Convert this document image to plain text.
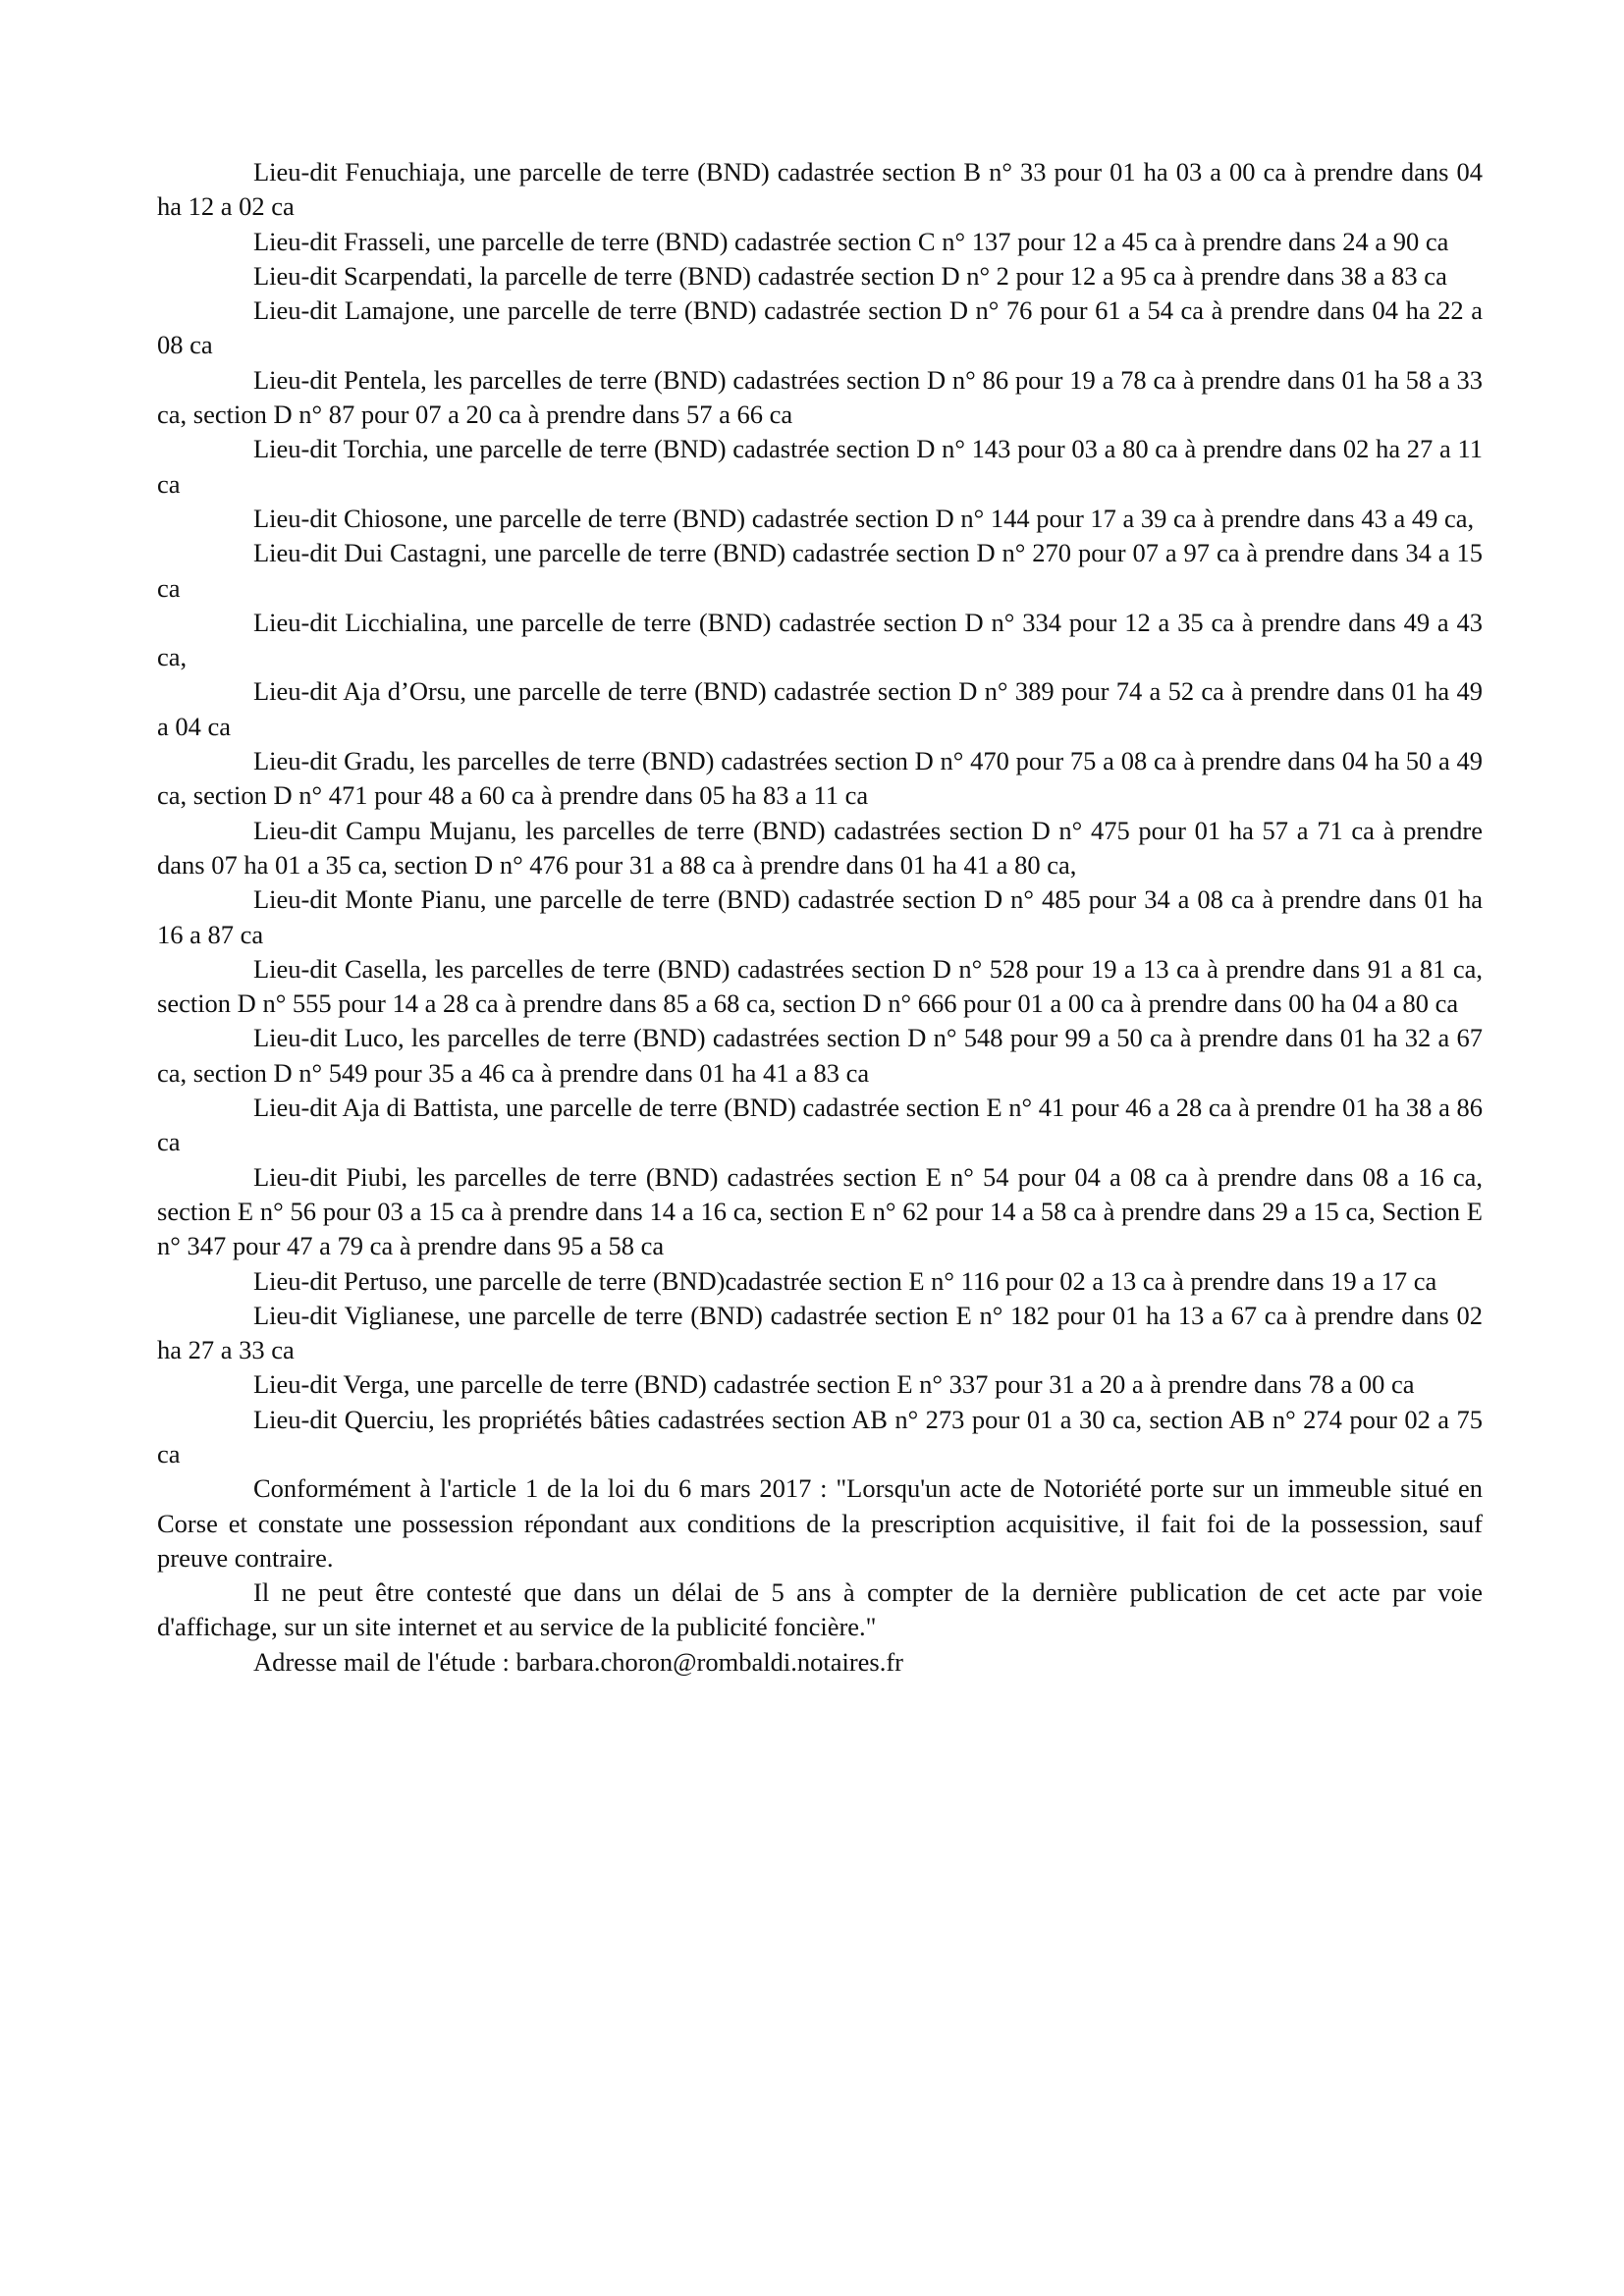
Lieu-dit Fenuchiaja, une parcelle de terre (BND) cadastrée section B n° 33 pour 01 ha 03 a 00 ca à prendre dans 04 ha 12 a 02 ca

Lieu-dit Frasseli, une parcelle de terre (BND) cadastrée section C n° 137 pour 12 a 45 ca à prendre dans 24 a 90 ca

Lieu-dit Scarpendati, la parcelle de terre (BND) cadastrée section D n° 2 pour 12 a 95 ca à prendre dans 38 a 83 ca

Lieu-dit Lamajone, une parcelle de terre (BND) cadastrée section D n° 76 pour 61 a 54 ca à prendre dans 04 ha 22 a 08 ca

Lieu-dit Pentela, les parcelles de terre (BND) cadastrées section D n° 86 pour 19 a 78 ca à prendre dans 01 ha 58 a 33 ca, section D n° 87 pour 07 a 20 ca à prendre dans 57 a 66 ca

Lieu-dit Torchia, une parcelle de terre (BND) cadastrée section D n° 143 pour 03 a 80 ca à prendre dans 02 ha 27 a 11 ca

Lieu-dit Chiosone, une parcelle de terre (BND) cadastrée section D n° 144 pour 17 a 39 ca à prendre dans 43 a 49 ca,

Lieu-dit Dui Castagni, une parcelle de terre (BND) cadastrée section D n° 270 pour 07 a 97 ca à prendre dans 34 a 15 ca

Lieu-dit Licchialina, une parcelle de terre (BND) cadastrée section D n° 334 pour 12 a 35 ca à prendre dans 49 a 43 ca,

Lieu-dit Aja d’Orsu, une parcelle de terre (BND) cadastrée section D n° 389 pour 74 a 52 ca à prendre dans 01 ha 49 a 04 ca

Lieu-dit Gradu, les parcelles de terre (BND) cadastrées section D n° 470 pour 75 a 08 ca à prendre dans 04 ha 50 a 49 ca, section D n° 471 pour 48 a 60 ca à prendre dans 05 ha 83 a 11 ca

Lieu-dit Campu Mujanu, les parcelles de terre (BND) cadastrées section D n° 475 pour 01 ha 57 a 71 ca à prendre dans 07 ha 01 a 35 ca, section D n° 476 pour 31 a 88 ca à prendre dans 01 ha 41 a 80 ca,

Lieu-dit Monte Pianu, une parcelle de terre (BND) cadastrée section D n° 485 pour 34 a 08 ca à prendre dans 01 ha 16 a 87 ca

Lieu-dit Casella, les parcelles de terre (BND) cadastrées section D n° 528 pour 19 a 13 ca à prendre dans 91 a 81 ca, section D n° 555 pour 14 a 28 ca à prendre dans 85 a 68 ca, section D n° 666 pour 01 a 00 ca à prendre dans 00 ha 04 a 80 ca

Lieu-dit Luco, les parcelles de terre (BND) cadastrées section D n° 548 pour 99 a 50 ca à prendre dans 01 ha 32 a 67 ca, section D n° 549 pour 35 a 46 ca à prendre dans 01 ha 41 a 83 ca

Lieu-dit Aja di Battista, une parcelle de terre (BND) cadastrée section E n° 41 pour 46 a 28 ca à prendre 01 ha 38 a 86 ca

Lieu-dit Piubi, les parcelles de terre (BND) cadastrées section E n° 54 pour 04 a 08 ca à prendre dans 08 a 16 ca, section E n° 56 pour 03 a 15 ca à prendre dans 14 a 16 ca, section E n° 62 pour 14 a 58 ca à prendre dans 29 a 15 ca, Section E n° 347 pour 47 a 79 ca à prendre dans 95 a 58 ca

Lieu-dit Pertuso, une parcelle de terre (BND)cadastrée section E n° 116 pour 02 a 13 ca à prendre dans 19 a 17 ca

Lieu-dit Viglianese, une parcelle de terre (BND) cadastrée section E n° 182 pour 01 ha 13 a 67 ca à prendre dans 02 ha 27 a 33 ca

Lieu-dit Verga, une parcelle de terre (BND) cadastrée section E n° 337 pour 31 a 20 a à prendre dans 78 a 00 ca

Lieu-dit Querciu, les propriétés bâties cadastrées section AB n° 273 pour 01 a 30 ca, section AB n° 274 pour 02 a 75 ca

Conformément à l'article 1 de la loi du 6 mars 2017 : "Lorsqu'un acte de Notoriété porte sur un immeuble situé en Corse et constate une possession répondant aux conditions de la prescription acquisitive, il fait foi de la possession, sauf preuve contraire.

Il ne peut être contesté que dans un délai de 5 ans à compter de la dernière publication de cet acte par voie d'affichage, sur un site internet et au service de la publicité foncière."

Adresse mail de l'étude : barbara.choron@rombaldi.notaires.fr
